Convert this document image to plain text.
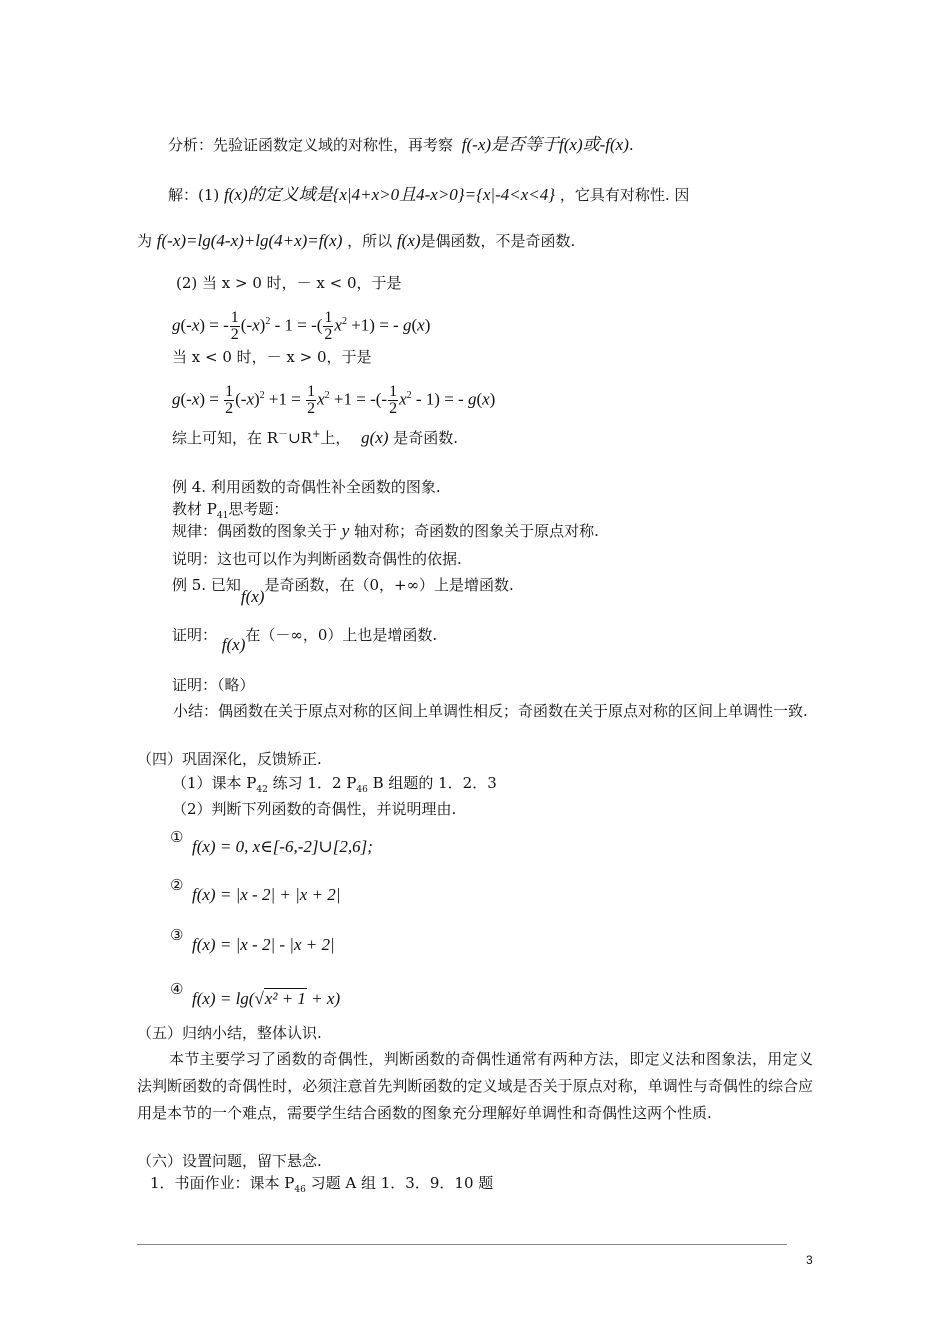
分析：先验证函数定义域的对称性，再考察 f(-x)是否等于f(x)或-f(x).
解：(1) f(x)的定义域是{x|4+x>0且4-x>0}={x|-4<x<4} ，它具有对称性. 因
为 f(-x)=lg(4-x)+lg(4+x)=f(x) ，所以 f(x)是偶函数，不是奇函数.
(2) 当 x > 0 时，－ x < 0，于是
g(-x) = - $\frac{1}{2} (-x)^2 - 1$ = -( $\frac{1}{2} x^2 +1$) = - g(x)
当 x < 0 时，－ x > 0，于是
$g(-x) = \frac{1}{2} (-x)^2 +1 = \frac{1}{2} x^2 +1$ = -(- $\frac{1}{2} x^2 - 1$) = - g(x)
综上可知，在 R－∪R+上， g(x) 是奇函数.
例 4. 利用函数的奇偶性补全函数的图象.
教材 $P_{41}$思考题：
规律：偶函数的图象关于 y 轴对称；奇函数的图象关于原点对称.
说明：这也可以作为判断函数奇偶性的依据.
例 5. 已知f(x)是奇函数，在（0，+∞）上是增函数.
证明： f(x)在（－∞，0）上也是增函数.
证明：（略）
小结：偶函数在关于原点对称的区间上单调性相反；奇函数在关于原点对称的区间上单调性一致.
（四）巩固深化，反馈矫正.
（1）课本 $P_{42}$ 练习 1．2 $P_{46}$ B 组题的 1．2．3
（2）判断下列函数的奇偶性，并说明理由.
① f(x) = 0, x∈[-6,-2]∪[2,6];
② f(x) = |x - 2| + |x + 2|
③ f(x) = |x - 2| - |x + 2|
④ f(x) = lg(√x² + 1 + x)
（五）归纳小结，整体认识.
本节主要学习了函数的奇偶性，判断函数的奇偶性通常有两种方法，即定义法和图象法，用定义法判断函数的奇偶性时，必须注意首先判断函数的定义域是否关于原点对称，单调性与奇偶性的综合应用是本节的一个难点，需要学生结合函数的图象充分理解好单调性和奇偶性这两个性质.
（六）设置问题，留下悬念.
1．书面作业：课本 $P_{46}$ 习题 A 组 1．3．9．10 题
3
